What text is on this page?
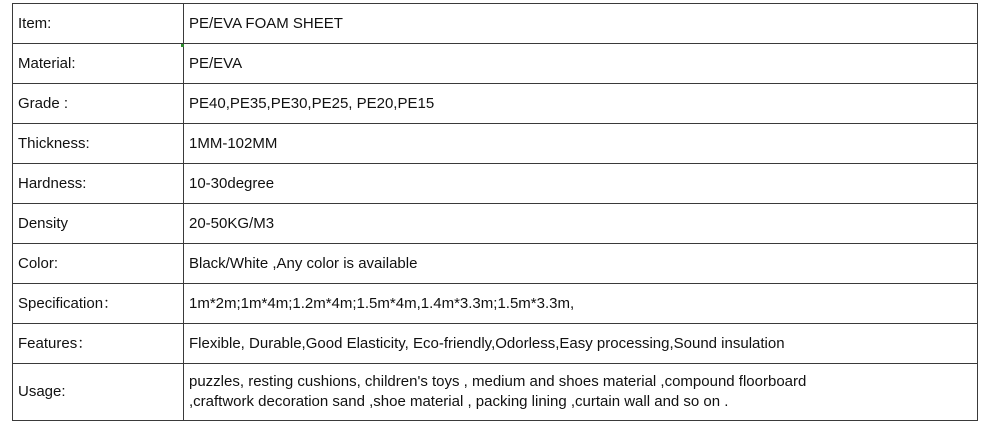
Item:	PE/EVA FOAM SHEET
Material:	PE/EVA
Grade :	PE40,PE35,PE30,PE25, PE20,PE15
Thickness:	1MM-102MM
Hardness:	10-30degree
Density	20-50KG/M3
Color:	Black/White ,Any color is available
Specification：	1m*2m;1m*4m;1.2m*4m;1.5m*4m,1.4m*3.3m;1.5m*3.3m,
Features：	Flexible, Durable,Good Elasticity, Eco-friendly,Odorless,Easy processing,Sound insulation
Usage:	puzzles, resting cushions, children's toys , medium and shoes material ,compound floorboard
,craftwork decoration sand ,shoe material , packing lining ,curtain wall and so on .
